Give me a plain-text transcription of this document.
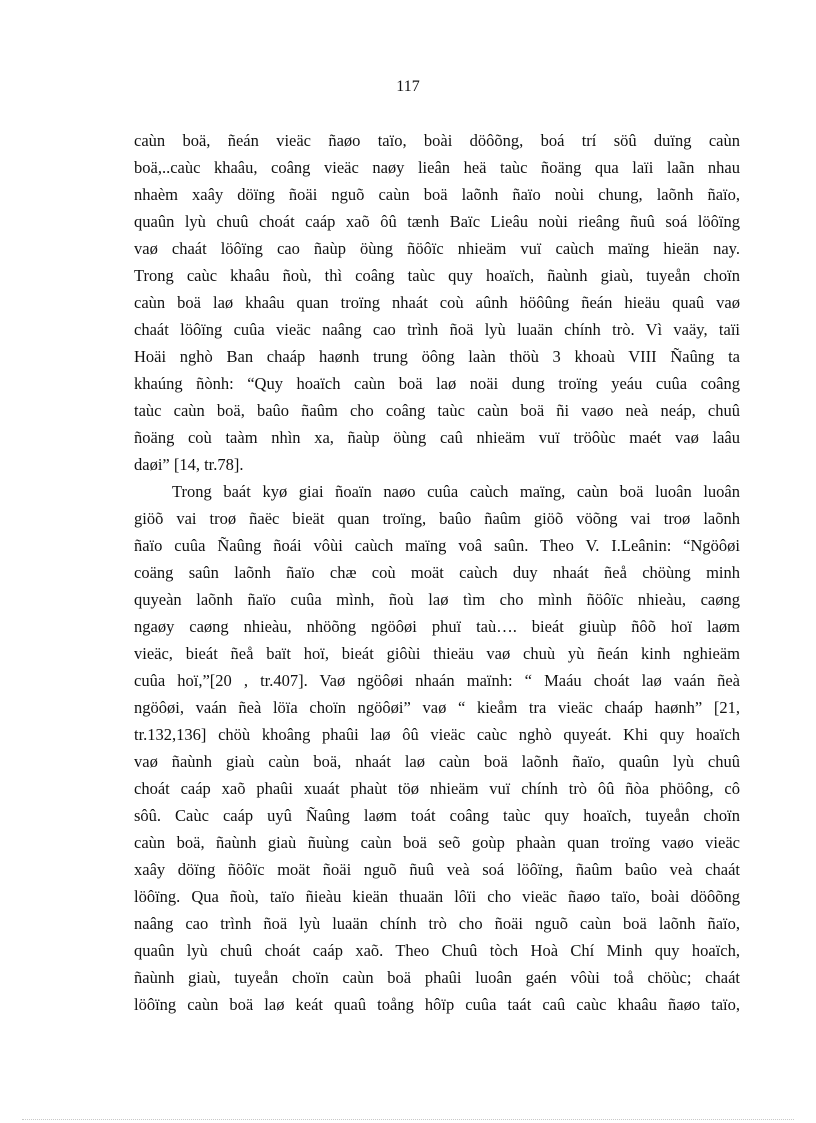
117
caùn boä, ñeán vieäc ñaøo taïo, boài döôõng, boá trí söû duïng caùn
boä,..caùc khaâu, coâng vieäc naøy lieân heä taùc ñoäng qua laïi laãn nhau
nhaèm xaây döïng ñoäi nguõ caùn boä laõnh ñaïo noùi chung, laõnh ñaïo,
quaûn lyù chuû choát caáp xaõ ôû tænh Baïc Lieâu noùi rieâng ñuû soá löôïng
vaø chaát löôïng cao ñaùp öùng ñöôïc nhieäm vuï caùch maïng hieän nay.
Trong caùc khaâu ñoù, thì coâng taùc quy hoaïch, ñaùnh giaù, tuyeån choïn
caùn boä laø khaâu quan troïng nhaát coù aûnh höôûng ñeán hieäu quaû vaø
chaát löôïng cuûa vieäc naâng cao trình ñoä lyù luaän chính trò. Vì vaäy, taïi
Hoäi nghò Ban chaáp haønh trung öông laàn thöù 3 khoaù VIII Ñaûng ta
khaúng ñònh: “Quy hoaïch caùn boä laø noäi dung troïng yeáu cuûa coâng
taùc caùn boä, baûo ñaûm cho coâng taùc caùn boä ñi vaøo neà neáp, chuû
ñoäng coù taàm nhìn xa, ñaùp öùng caû nhieäm vuï tröôùc maét vaø laâu
daøi” [14, tr.78].
Trong baát kyø giai ñoaïn naøo cuûa caùch maïng, caùn boä luoân luoân
giöõ vai troø ñaëc bieät quan troïng, baûo ñaûm giöõ vöõng vai troø laõnh
ñaïo cuûa Ñaûng ñoái vôùi caùch maïng voâ saûn. Theo V. I.Leânin: “Ngöôøi
coäng saûn laõnh ñaïo chæ coù moät caùch duy nhaát ñeå chöùng minh
quyeàn laõnh ñaïo cuûa mình, ñoù laø tìm cho mình ñöôïc nhieàu, caøng
ngaøy caøng nhieàu, nhöõng ngöôøi phuï taù…. bieát giuùp ñôõ hoï laøm
vieäc, bieát ñeå baït hoï, bieát giôùi thieäu vaø chuù yù ñeán kinh nghieäm
cuûa hoï,”[20 , tr.407]. Vaø ngöôøi nhaán maïnh: “ Maáu choát laø vaán ñeà
ngöôøi, vaán ñeà löïa choïn ngöôøi” vaø “ kieåm tra vieäc chaáp haønh” [21,
tr.132,136] chöù khoâng phaûi laø ôû vieäc caùc nghò quyeát. Khi quy hoaïch
vaø ñaùnh giaù caùn boä, nhaát laø caùn boä laõnh ñaïo, quaûn lyù chuû
choát caáp xaõ phaûi xuaát phaùt töø nhieäm vuï chính trò ôû ñòa phöông, cô
sôû. Caùc caáp uyû Ñaûng laøm toát coâng taùc quy hoaïch, tuyeån choïn
caùn boä, ñaùnh giaù ñuùng caùn boä seõ goùp phaàn quan troïng vaøo vieäc
xaây döïng ñöôïc moät ñoäi nguõ ñuû veà soá löôïng, ñaûm baûo veà chaát
löôïng. Qua ñoù, taïo ñieàu kieän thuaän lôïi cho vieäc ñaøo taïo, boài döôõng
naâng cao trình ñoä lyù luaän chính trò cho ñoäi nguõ caùn boä laõnh ñaïo,
quaûn lyù chuû choát caáp xaõ. Theo Chuû tòch Hoà Chí Minh quy hoaïch,
ñaùnh giaù, tuyeån choïn caùn boä phaûi luoân gaén vôùi toå chöùc; chaát
löôïng caùn boä laø keát quaû toång hôïp cuûa taát caû caùc khaâu ñaøo taïo,
